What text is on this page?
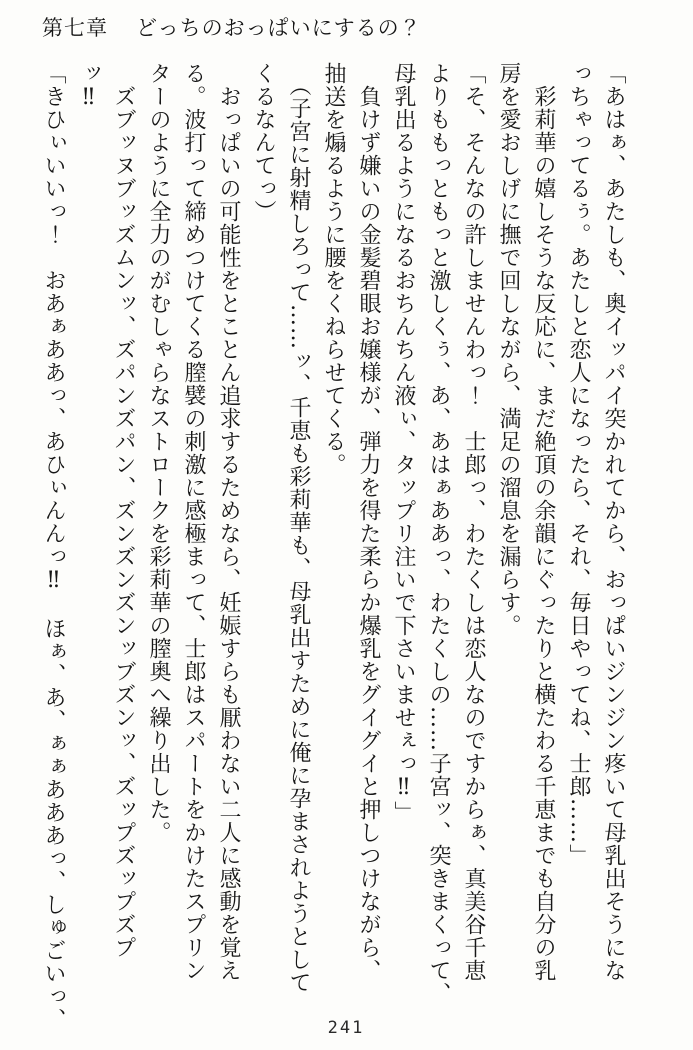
第七章 どっちのおっぱいにするの？
「あはぁ、あたしも、奥イッパイ突かれてから、おっぱいジンジン疼いて母乳出そうにな
っちゃってるぅ。あたしと恋人になったら、それ、毎日やってね、士郎……」
　彩莉華の嬉しそうな反応に、まだ絶頂の余韻にぐったりと横たわる千恵までも自分の乳
房を愛おしげに撫で回しながら、満足の溜息を漏らす。
「そ、そんなの許しませんわっ！　士郎っ、わたくしは恋人なのですからぁ、真美谷千恵
よりももっともっと激しくぅ、あ、あはぁああっ、わたくしの……子宮ッ、突きまくって、
母乳出るようになるおちんちん液ぃ、タップリ注いで下さいませぇっ‼」
　負けず嫌いの金髪碧眼お嬢様が、弾力を得た柔らか爆乳をグイグイと押しつけながら、
抽送を煽るように腰をくねらせてくる。
　（子宮に射精しろって……ッ、千恵も彩莉華も、母乳出すために俺に孕まされようとして
くるなんてっ）
　おっぱいの可能性をとことん追求するためなら、妊娠すらも厭わない二人に感動を覚え
る。波打って締めつけてくる膣襞の刺激に感極まって、士郎はスパートをかけたスプリン
ターのように全力のがむしゃらなストロークを彩莉華の膣奥へ繰り出した。
　ズブッヌブッズムンッ、ズパンズパン、ズンズンズンッブズンッ、ズップズップズプ
ッ‼
「きひぃいいっ！　おあぁああっ、あひぃんんっ‼　ほぁ、あ、ぁぁあああっ、しゅごいっ、	241
